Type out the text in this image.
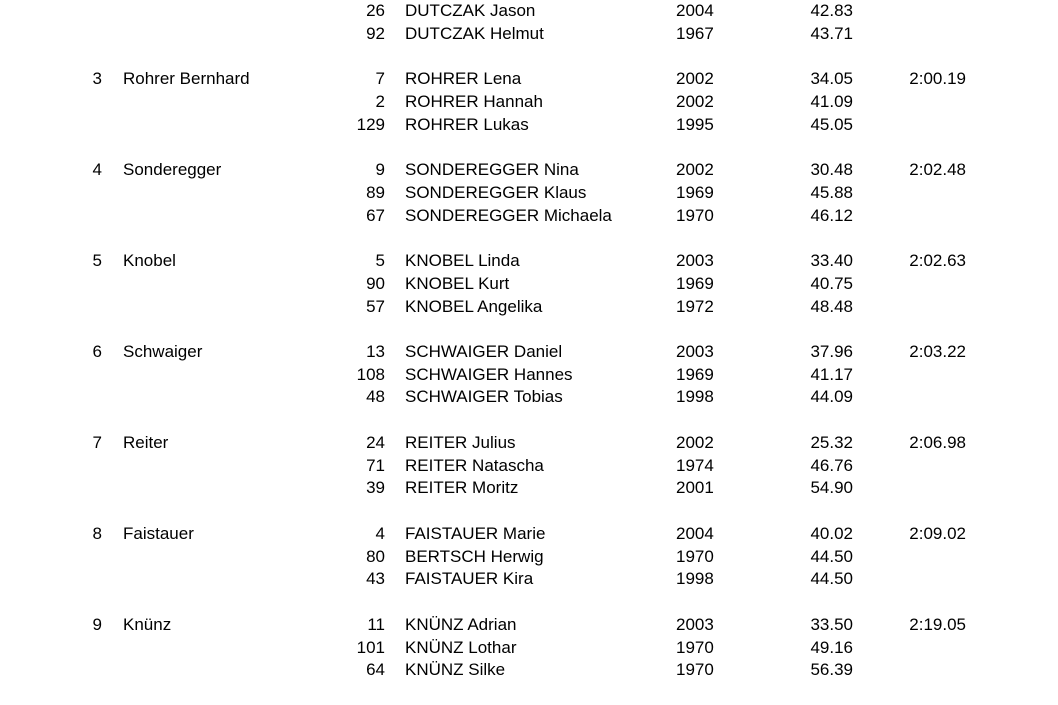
26 DUTCZAK Jason	2004	42.83
92 DUTCZAK Helmut	1967	43.71
3 Rohrer Bernhard	7 ROHRER Lena	2002	34.05	2:00.19
2 ROHRER Hannah	2002	41.09
129 ROHRER Lukas	1995	45.05
4 Sonderegger	9 SONDEREGGER Nina	2002	30.48	2:02.48
89 SONDEREGGER Klaus	1969	45.88
67 SONDEREGGER Michaela	1970	46.12
5 Knobel	5 KNOBEL Linda	2003	33.40	2:02.63
90 KNOBEL Kurt	1969	40.75
57 KNOBEL Angelika	1972	48.48
6 Schwaiger	13 SCHWAIGER Daniel	2003	37.96	2:03.22
108 SCHWAIGER Hannes	1969	41.17
48 SCHWAIGER Tobias	1998	44.09
7 Reiter	24 REITER Julius	2002	25.32	2:06.98
71 REITER Natascha	1974	46.76
39 REITER Moritz	2001	54.90
8 Faistauer	4 FAISTAUER Marie	2004	40.02	2:09.02
80 BERTSCH Herwig	1970	44.50
43 FAISTAUER Kira	1998	44.50
9 Knünz	11 KNÜNZ Adrian	2003	33.50	2:19.05
101 KNÜNZ Lothar	1970	49.16
64 KNÜNZ Silke	1970	56.39
